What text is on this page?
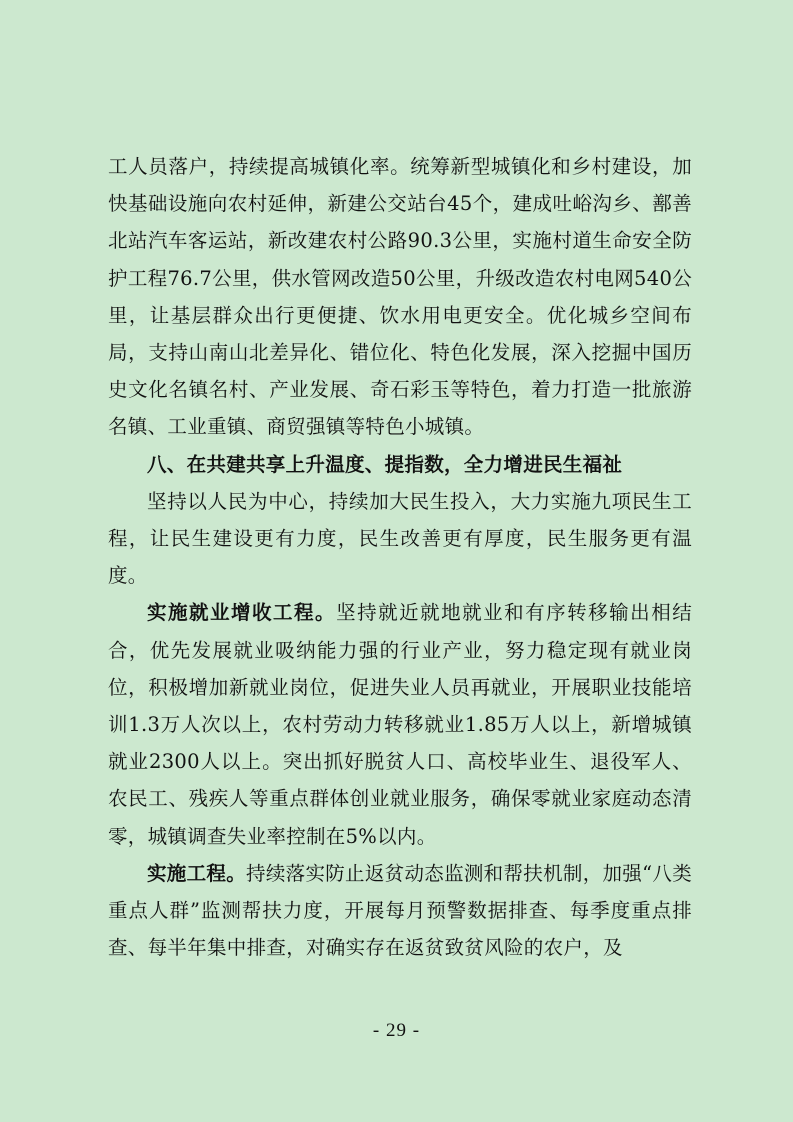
工人员落户，持续提高城镇化率。统筹新型城镇化和乡村建设，加快基础设施向农村延伸，新建公交站台45个，建成吐峪沟乡、鄯善北站汽车客运站，新改建农村公路90.3公里，实施村道生命安全防护工程76.7公里，供水管网改造50公里，升级改造农村电网540公里，让基层群众出行更便捷、饮水用电更安全。优化城乡空间布局，支持山南山北差异化、错位化、特色化发展，深入挖掘中国历史文化名镇名村、产业发展、奇石彩玉等特色，着力打造一批旅游名镇、工业重镇、商贸强镇等特色小城镇。

八、在共建共享上升温度、提指数，全力增进民生福祉

坚持以人民为中心，持续加大民生投入，大力实施九项民生工程，让民生建设更有力度，民生改善更有厚度，民生服务更有温度。

实施就业增收工程。坚持就近就地就业和有序转移输出相结合，优先发展就业吸纳能力强的行业产业，努力稳定现有就业岗位，积极增加新就业岗位，促进失业人员再就业，开展职业技能培训1.3万人次以上，农村劳动力转移就业1.85万人以上，新增城镇就业2300人以上。突出抓好脱贫人口、高校毕业生、退役军人、农民工、残疾人等重点群体创业就业服务，确保零就业家庭动态清零，城镇调查失业率控制在5%以内。

实施工程。持续落实防止返贫动态监测和帮扶机制，加强“八类重点人群”监测帮扶力度，开展每月预警数据排查、每季度重点排查、每半年集中排查，对确实存在返贫致贫风险的农户，及

- 29 -
